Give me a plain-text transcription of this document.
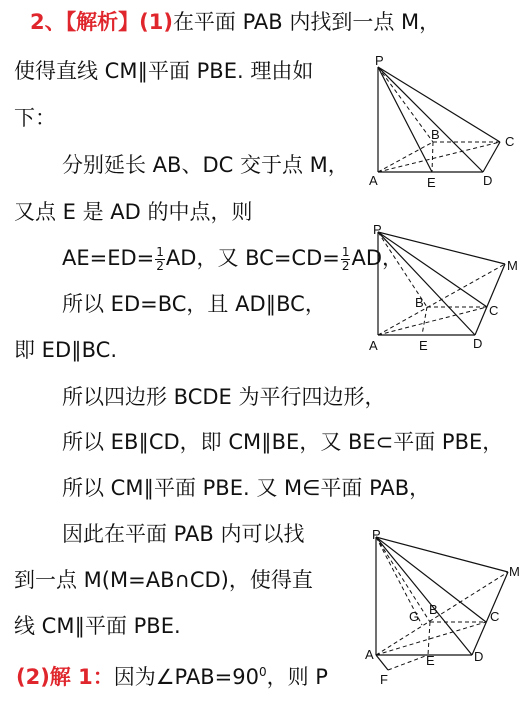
2、【解析】(1)在平面 PAB 内找到一点 M，
使得直线 CM∥平面 PBE. 理由如
下：
分别延长 AB、DC 交于点 M，
又点 E 是 AD 的中点，则
$AE=ED= \frac{1}{2}$ AD，又 $BC=CD= \frac{1}{2}$ AD，
所以 ED=BC，且 AD∥BC，
即 ED∥BC.
所以四边形 BCDE 为平行四边形，
所以 EB∥CD，即 CM∥BE，又 BE⊂平面 PBE，
所以 CM∥平面 PBE. 又 M∈平面 PAB，
因此在平面 PAB 内可以找
到一点 M(M=AB∩CD)，使得直
线 CM∥平面 PBE.
(2)解 1：因为$\angle PAB=90^0$，则 P
P
A
B	C
D
E
P
A
B
C
D
E
M
P
A
B	C
D
E
M
G
F
